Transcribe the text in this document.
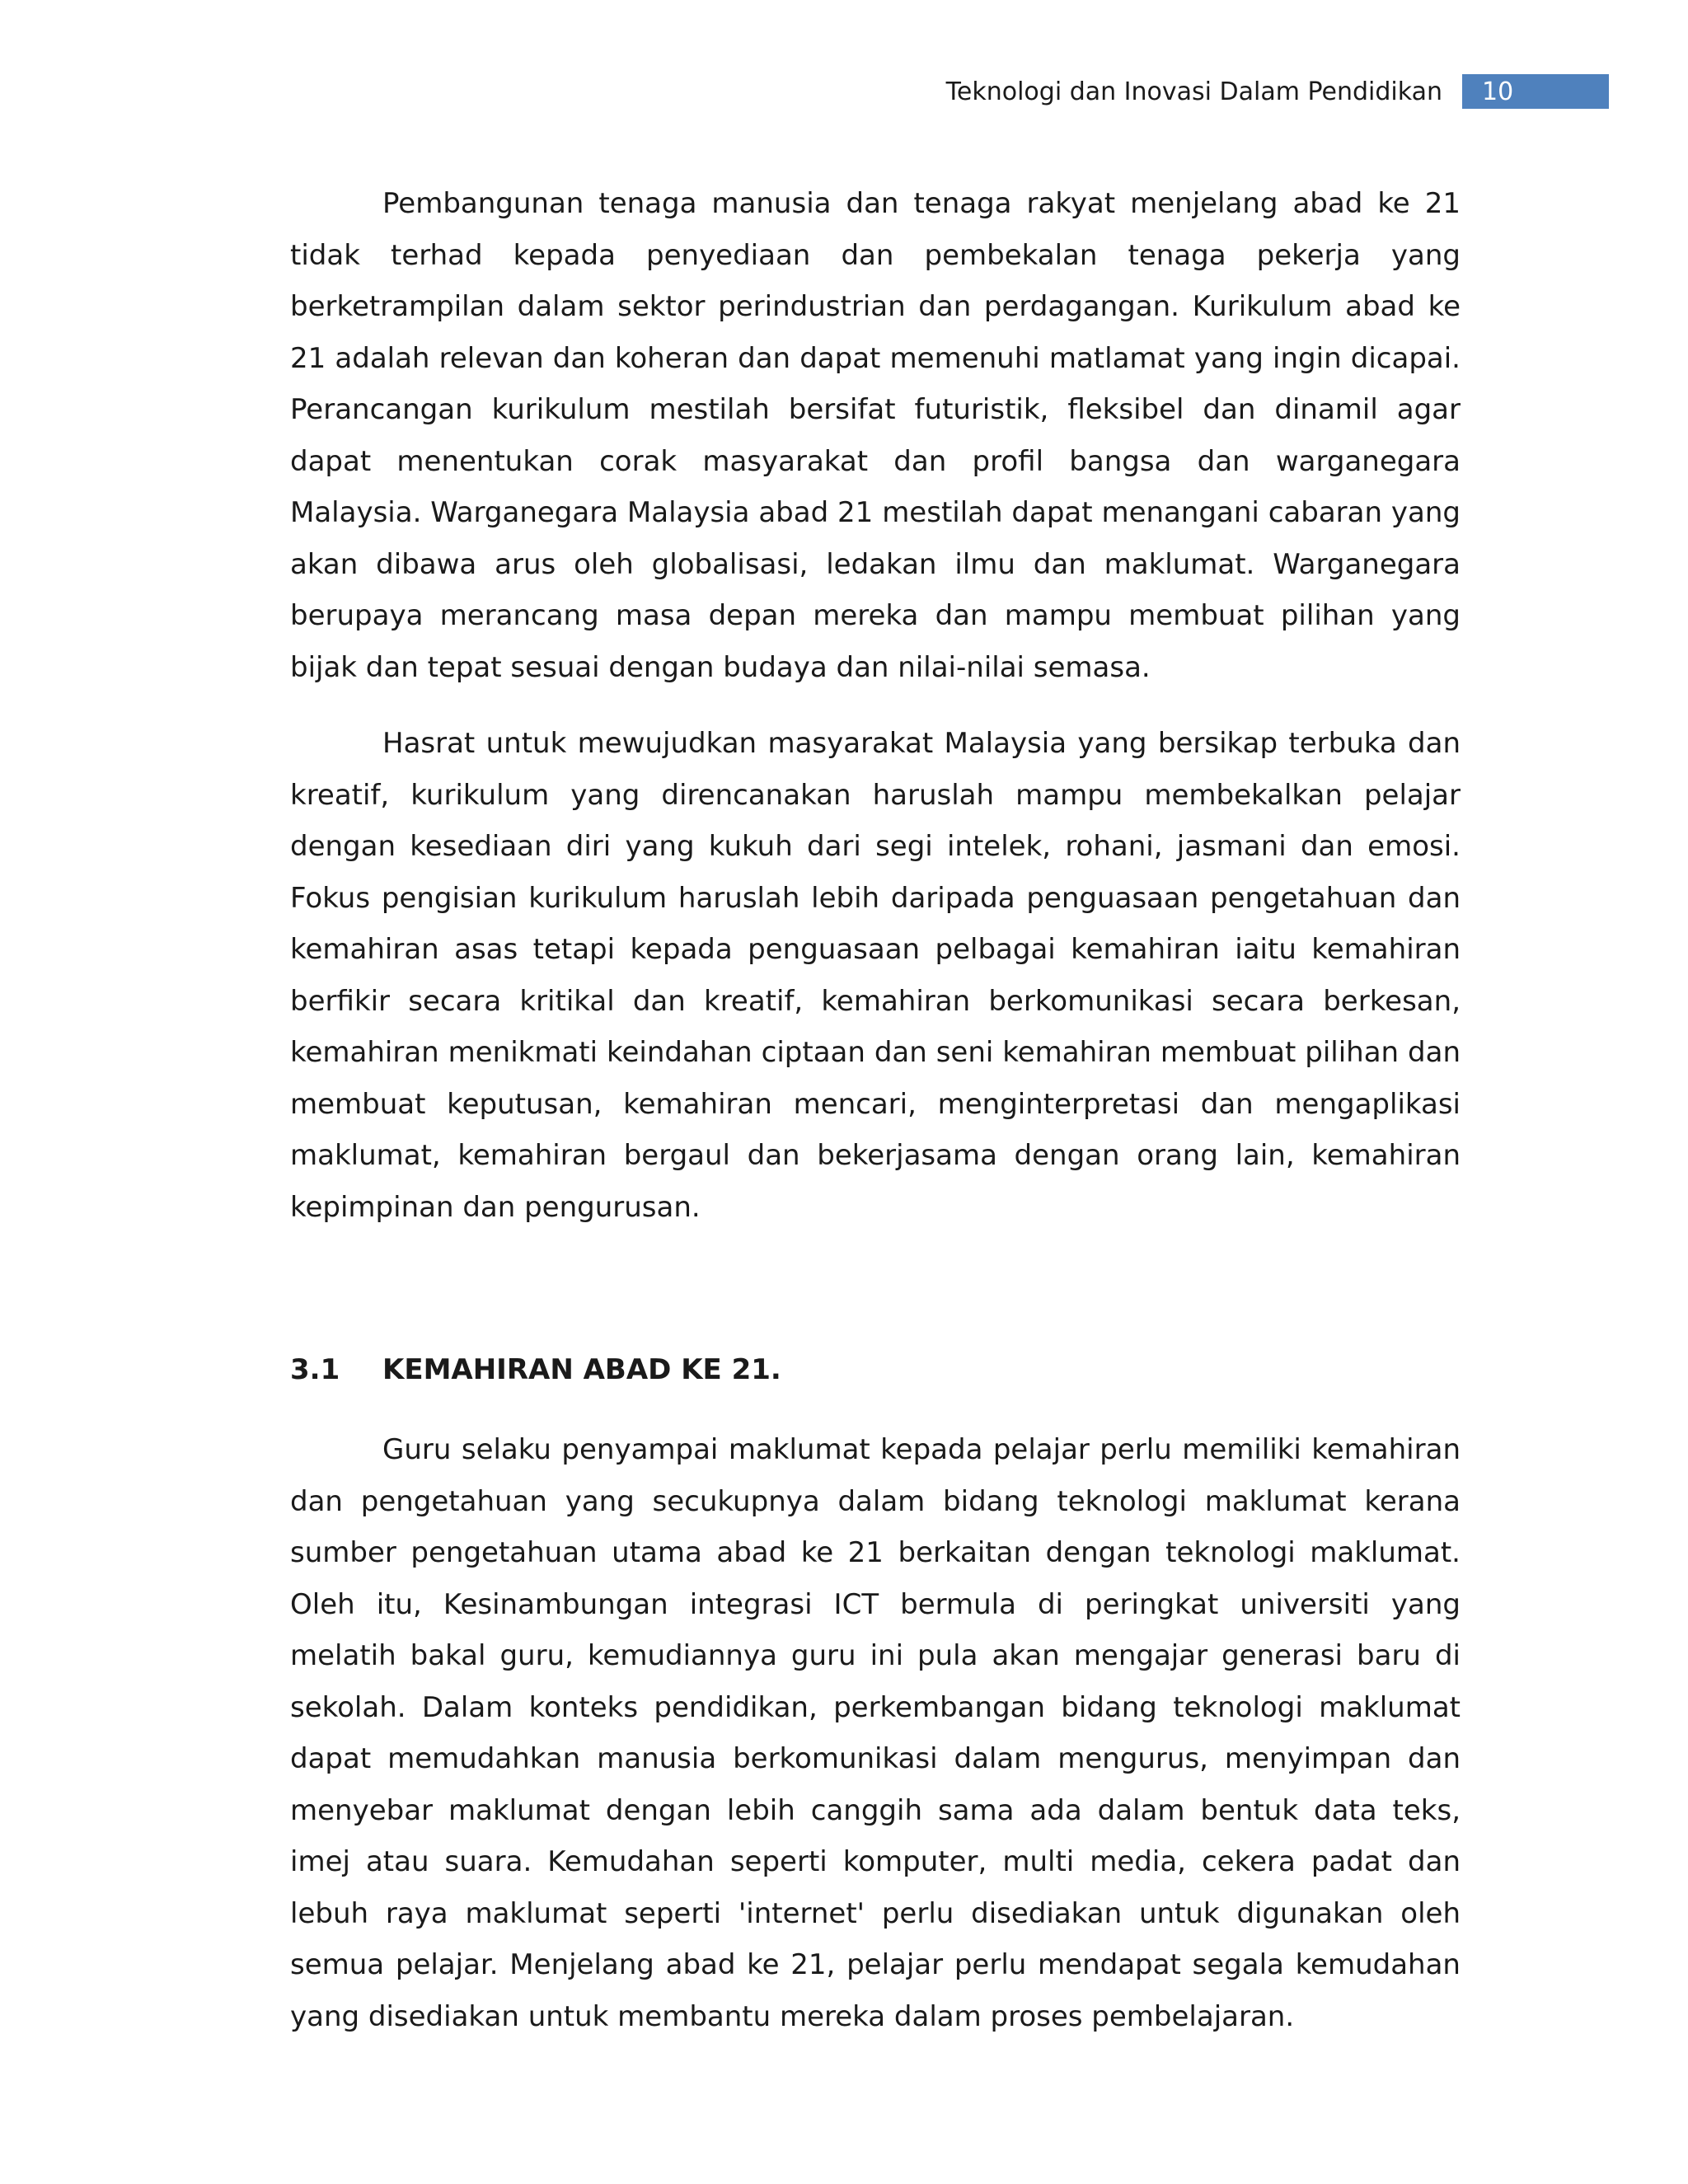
Teknologi dan Inovasi Dalam Pendidikan 10

Pembangunan tenaga manusia dan tenaga rakyat menjelang abad ke 21 tidak terhad kepada penyediaan dan pembekalan tenaga pekerja yang berketrampilan dalam sektor perindustrian dan perdagangan. Kurikulum abad ke 21 adalah relevan dan koheran dan dapat memenuhi matlamat yang ingin dicapai. Perancangan kurikulum mestilah bersifat futuristik, fleksibel dan dinamil agar dapat menentukan corak masyarakat dan profil bangsa dan warganegara Malaysia. Warganegara Malaysia abad 21 mestilah dapat menangani cabaran yang akan dibawa arus oleh globalisasi, ledakan ilmu dan maklumat. Warganegara berupaya merancang masa depan mereka dan mampu membuat pilihan yang bijak dan tepat sesuai dengan budaya dan nilai-nilai semasa.

Hasrat untuk mewujudkan masyarakat Malaysia yang bersikap terbuka dan kreatif, kurikulum yang direncanakan haruslah mampu membekalkan pelajar dengan kesediaan diri yang kukuh dari segi intelek, rohani, jasmani dan emosi. Fokus pengisian kurikulum haruslah lebih daripada penguasaan pengetahuan dan kemahiran asas tetapi kepada penguasaan pelbagai kemahiran iaitu kemahiran berfikir secara kritikal dan kreatif, kemahiran berkomunikasi secara berkesan, kemahiran menikmati keindahan ciptaan dan seni kemahiran membuat pilihan dan membuat keputusan, kemahiran mencari, menginterpretasi dan mengaplikasi maklumat, kemahiran bergaul dan bekerjasama dengan orang lain, kemahiran kepimpinan dan pengurusan.

3.1	KEMAHIRAN ABAD KE 21.

Guru selaku penyampai maklumat kepada pelajar perlu memiliki kemahiran dan pengetahuan yang secukupnya dalam bidang teknologi maklumat kerana sumber pengetahuan utama abad ke 21 berkaitan dengan teknologi maklumat. Oleh itu, Kesinambungan integrasi ICT bermula di peringkat universiti yang melatih bakal guru, kemudiannya guru ini pula akan mengajar generasi baru di sekolah. Dalam konteks pendidikan, perkembangan bidang teknologi maklumat dapat memudahkan manusia berkomunikasi dalam mengurus, menyimpan dan menyebar maklumat dengan lebih canggih sama ada dalam bentuk data teks, imej atau suara. Kemudahan seperti komputer, multi media, cekera padat dan lebuh raya maklumat seperti 'internet' perlu disediakan untuk digunakan oleh semua pelajar. Menjelang abad ke 21, pelajar perlu mendapat segala kemudahan yang disediakan untuk membantu mereka dalam proses pembelajaran.
